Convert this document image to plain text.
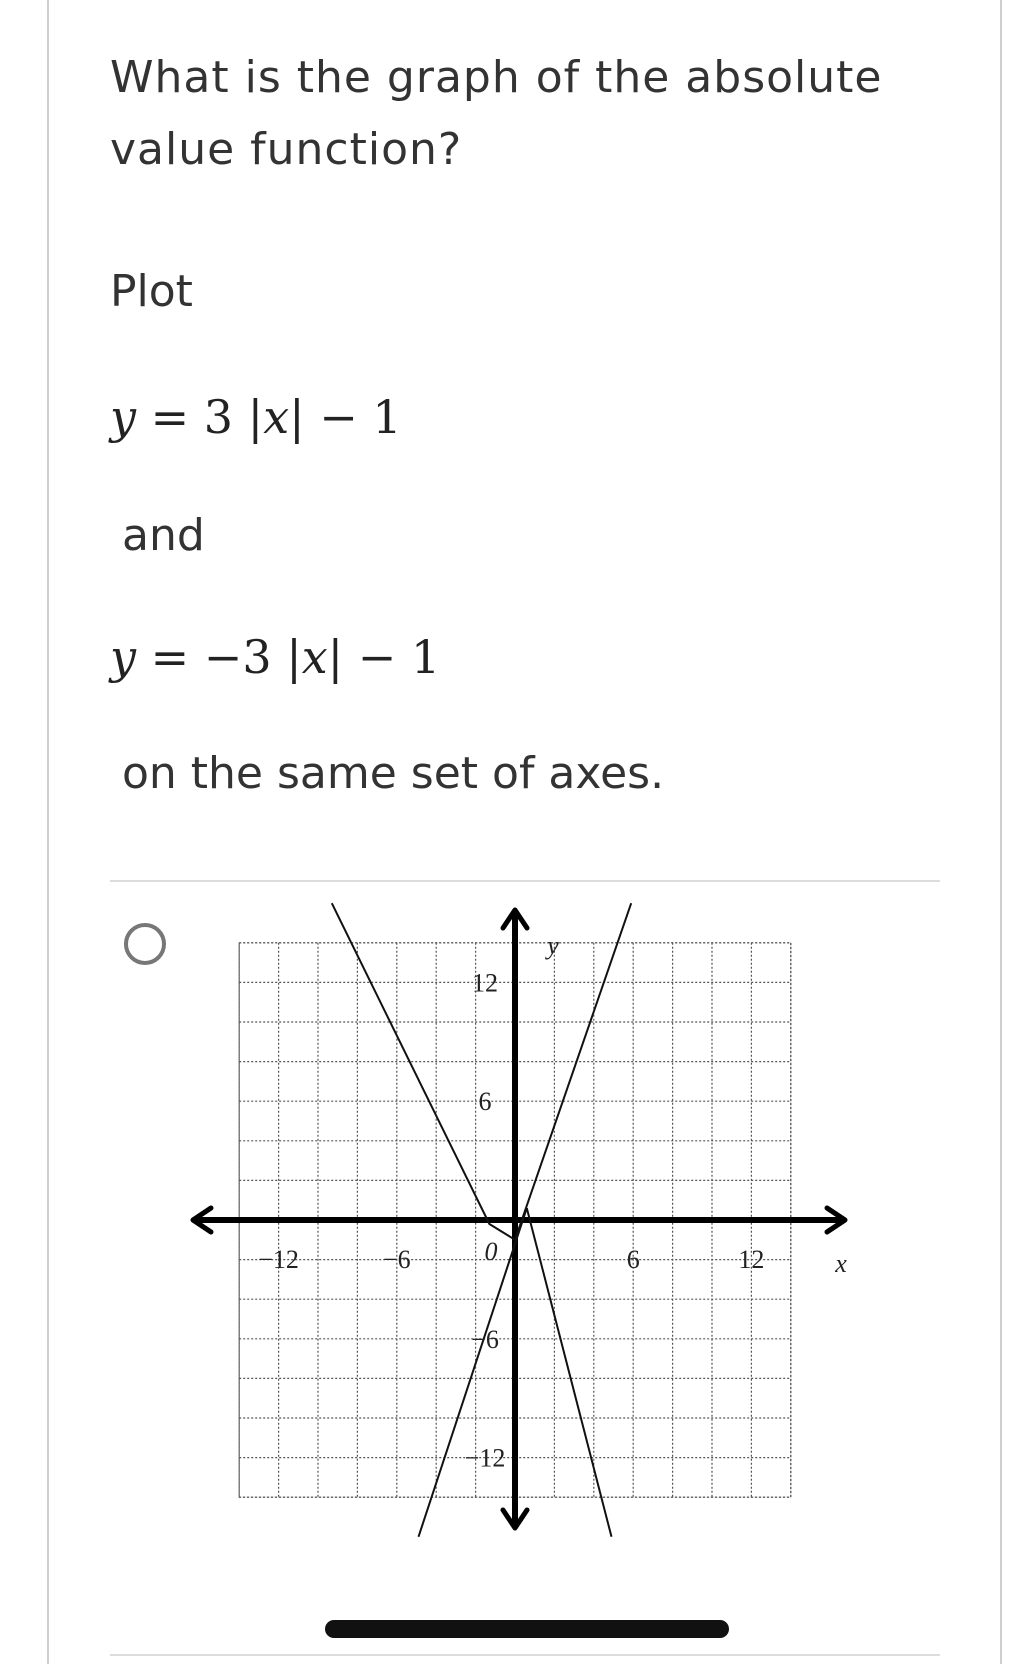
What is the graph of the absolute value function?
Plot
y = 3 |x| − 1
and
y = −3 |x| − 1
on the same set of axes.
−12	−6	6	12
12
6
−6
−12
0	x
y
